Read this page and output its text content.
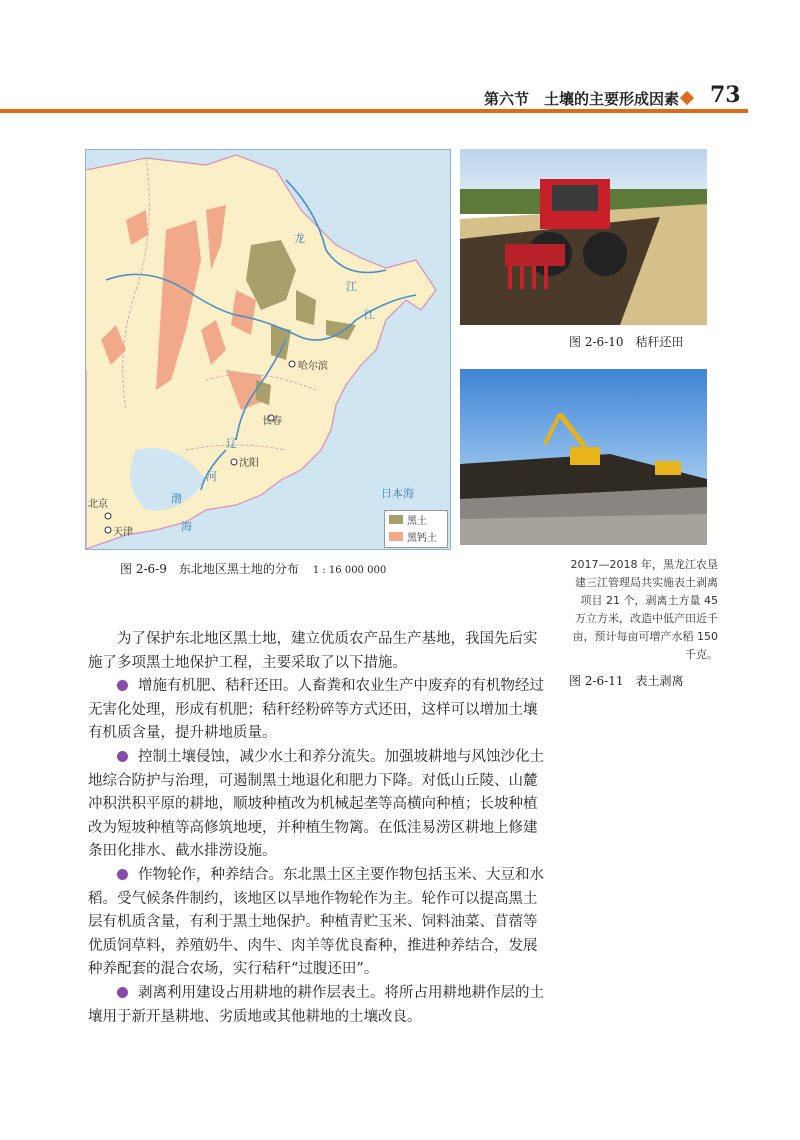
第六节　土壤的主要形成因素 73
哈尔滨
长春
沈阳
北京
天津
日本海
龙
江
江
辽
河
渤
海	黑土
黑钙土
图 2-6-9　东北地区黑土地的分布 1 : 16 000 000
图 2-6-10　秸秆还田
2017—2018 年，黑龙江农垦建三江管理局共实施表土剥离项目 21 个，剥离土方量 45 万立方米，改造中低产田近千亩，预计每亩可增产水稻 150 千克。
图 2-6-11　表土剥离

为了保护东北地区黑土地，建立优质农产品生产基地，我国先后实施了多项黑土地保护工程，主要采取了以下措施。

增施有机肥、秸秆还田。人畜粪和农业生产中废弃的有机物经过无害化处理，形成有机肥；秸秆经粉碎等方式还田，这样可以增加土壤有机质含量，提升耕地质量。

控制土壤侵蚀，减少水土和养分流失。加强坡耕地与风蚀沙化土地综合防护与治理，可遏制黑土地退化和肥力下降。对低山丘陵、山麓冲积洪积平原的耕地，顺坡种植改为机械起垄等高横向种植；长坡种植改为短坡种植等高修筑地埂，并种植生物篱。在低洼易涝区耕地上修建条田化排水、截水排涝设施。

作物轮作，种养结合。东北黑土区主要作物包括玉米、大豆和水稻。受气候条件制约，该地区以旱地作物轮作为主。轮作可以提高黑土层有机质含量，有利于黑土地保护。种植青贮玉米、饲料油菜、苜蓿等优质饲草料，养殖奶牛、肉牛、肉羊等优良畜种，推进种养结合，发展种养配套的混合农场，实行秸秆“过腹还田”。

剥离利用建设占用耕地的耕作层表土。将所占用耕地耕作层的土壤用于新开垦耕地、劣质地或其他耕地的土壤改良。
